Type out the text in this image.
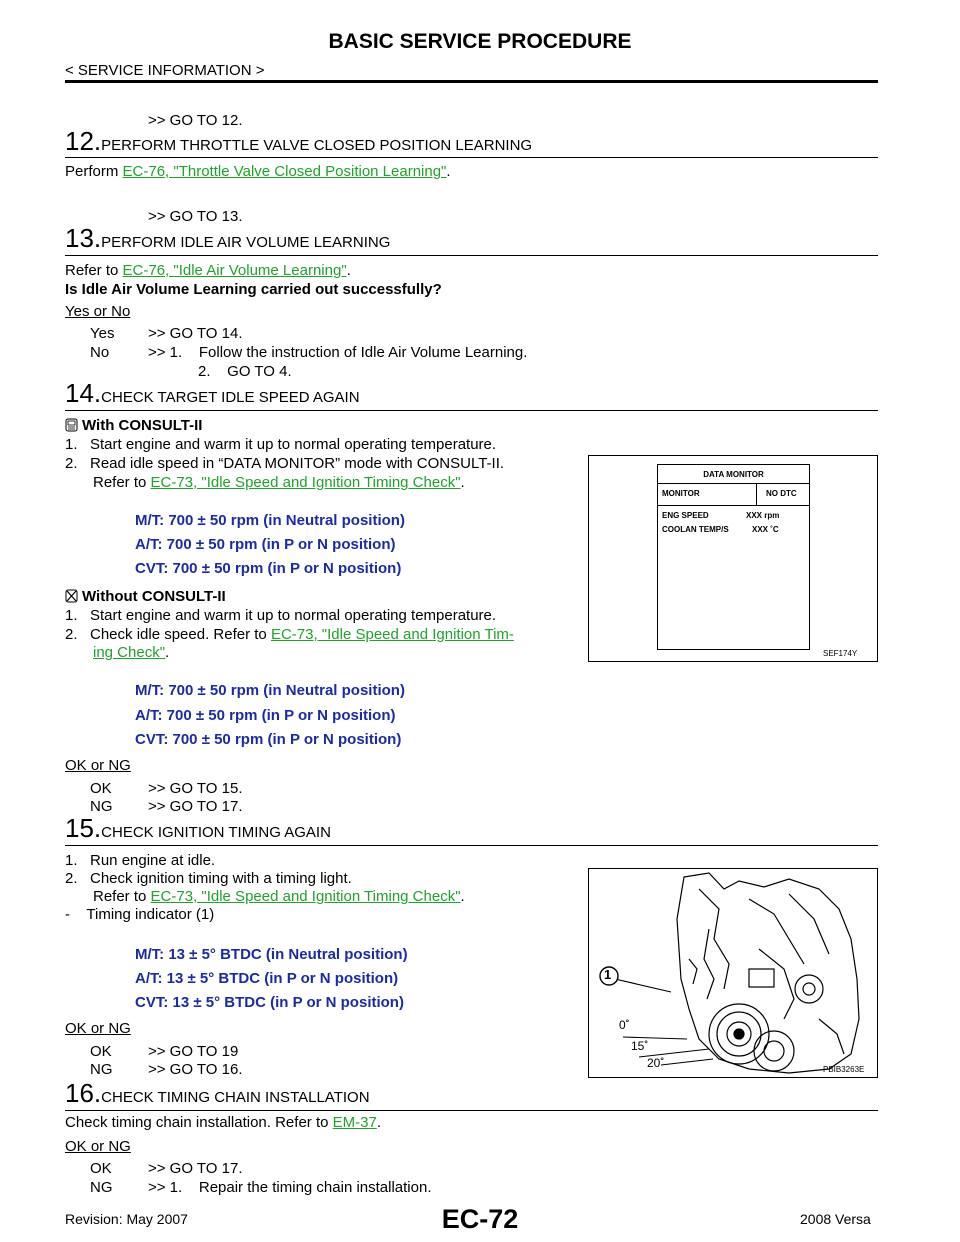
BASIC SERVICE PROCEDURE
< SERVICE INFORMATION >
>> GO TO 12.
12.PERFORM THROTTLE VALVE CLOSED POSITION LEARNING
Perform EC-76, "Throttle Valve Closed Position Learning".
>> GO TO 13.
13.PERFORM IDLE AIR VOLUME LEARNING
Refer to EC-76, "Idle Air Volume Learning".
Is Idle Air Volume Learning carried out successfully?
Yes or No
Yes >> GO TO 14.
No	>> 1.    Follow the instruction of Idle Air Volume Learning.
2.    GO TO 4.
14.CHECK TARGET IDLE SPEED AGAIN
With CONSULT-II
1.   Start engine and warm it up to normal operating temperature.
2.   Read idle speed in “DATA MONITOR” mode with CONSULT-II.
Refer to EC-73, "Idle Speed and Ignition Timing Check".
M/T: 700 ± 50 rpm (in Neutral position)
A/T: 700 ± 50 rpm (in P or N position)
CVT: 700 ± 50 rpm (in P or N position)
Without CONSULT-II
1.   Start engine and warm it up to normal operating temperature.
2.   Check idle speed. Refer to EC-73, "Idle Speed and Ignition Tim-
ing Check".
M/T: 700 ± 50 rpm (in Neutral position)
A/T: 700 ± 50 rpm (in P or N position)
CVT: 700 ± 50 rpm (in P or N position)
OK or NG
OK >> GO TO 15.
NG >> GO TO 17.
DATA MONITOR
MONITOR	NO DTC
ENG SPEED	XXX rpm
COOLAN TEMP/S	XXX ˚C
SEF174Y
15.CHECK IGNITION TIMING AGAIN
1.   Run engine at idle.
2.   Check ignition timing with a timing light.
Refer to EC-73, "Idle Speed and Ignition Timing Check".
-    Timing indicator (1)
M/T: 13 ± 5° BTDC (in Neutral position)
A/T: 13 ± 5° BTDC (in P or N position)
CVT: 13 ± 5° BTDC (in P or N position)
OK or NG
OK >> GO TO 19
NG >> GO TO 16.
1
0˚
15˚
20˚	PBIB3263E
16.CHECK TIMING CHAIN INSTALLATION
Check timing chain installation. Refer to EM-37.
OK or NG
OK >> GO TO 17.
NG >> 1.    Repair the timing chain installation.
EC-72
Revision: May 2007	2008 Versa
